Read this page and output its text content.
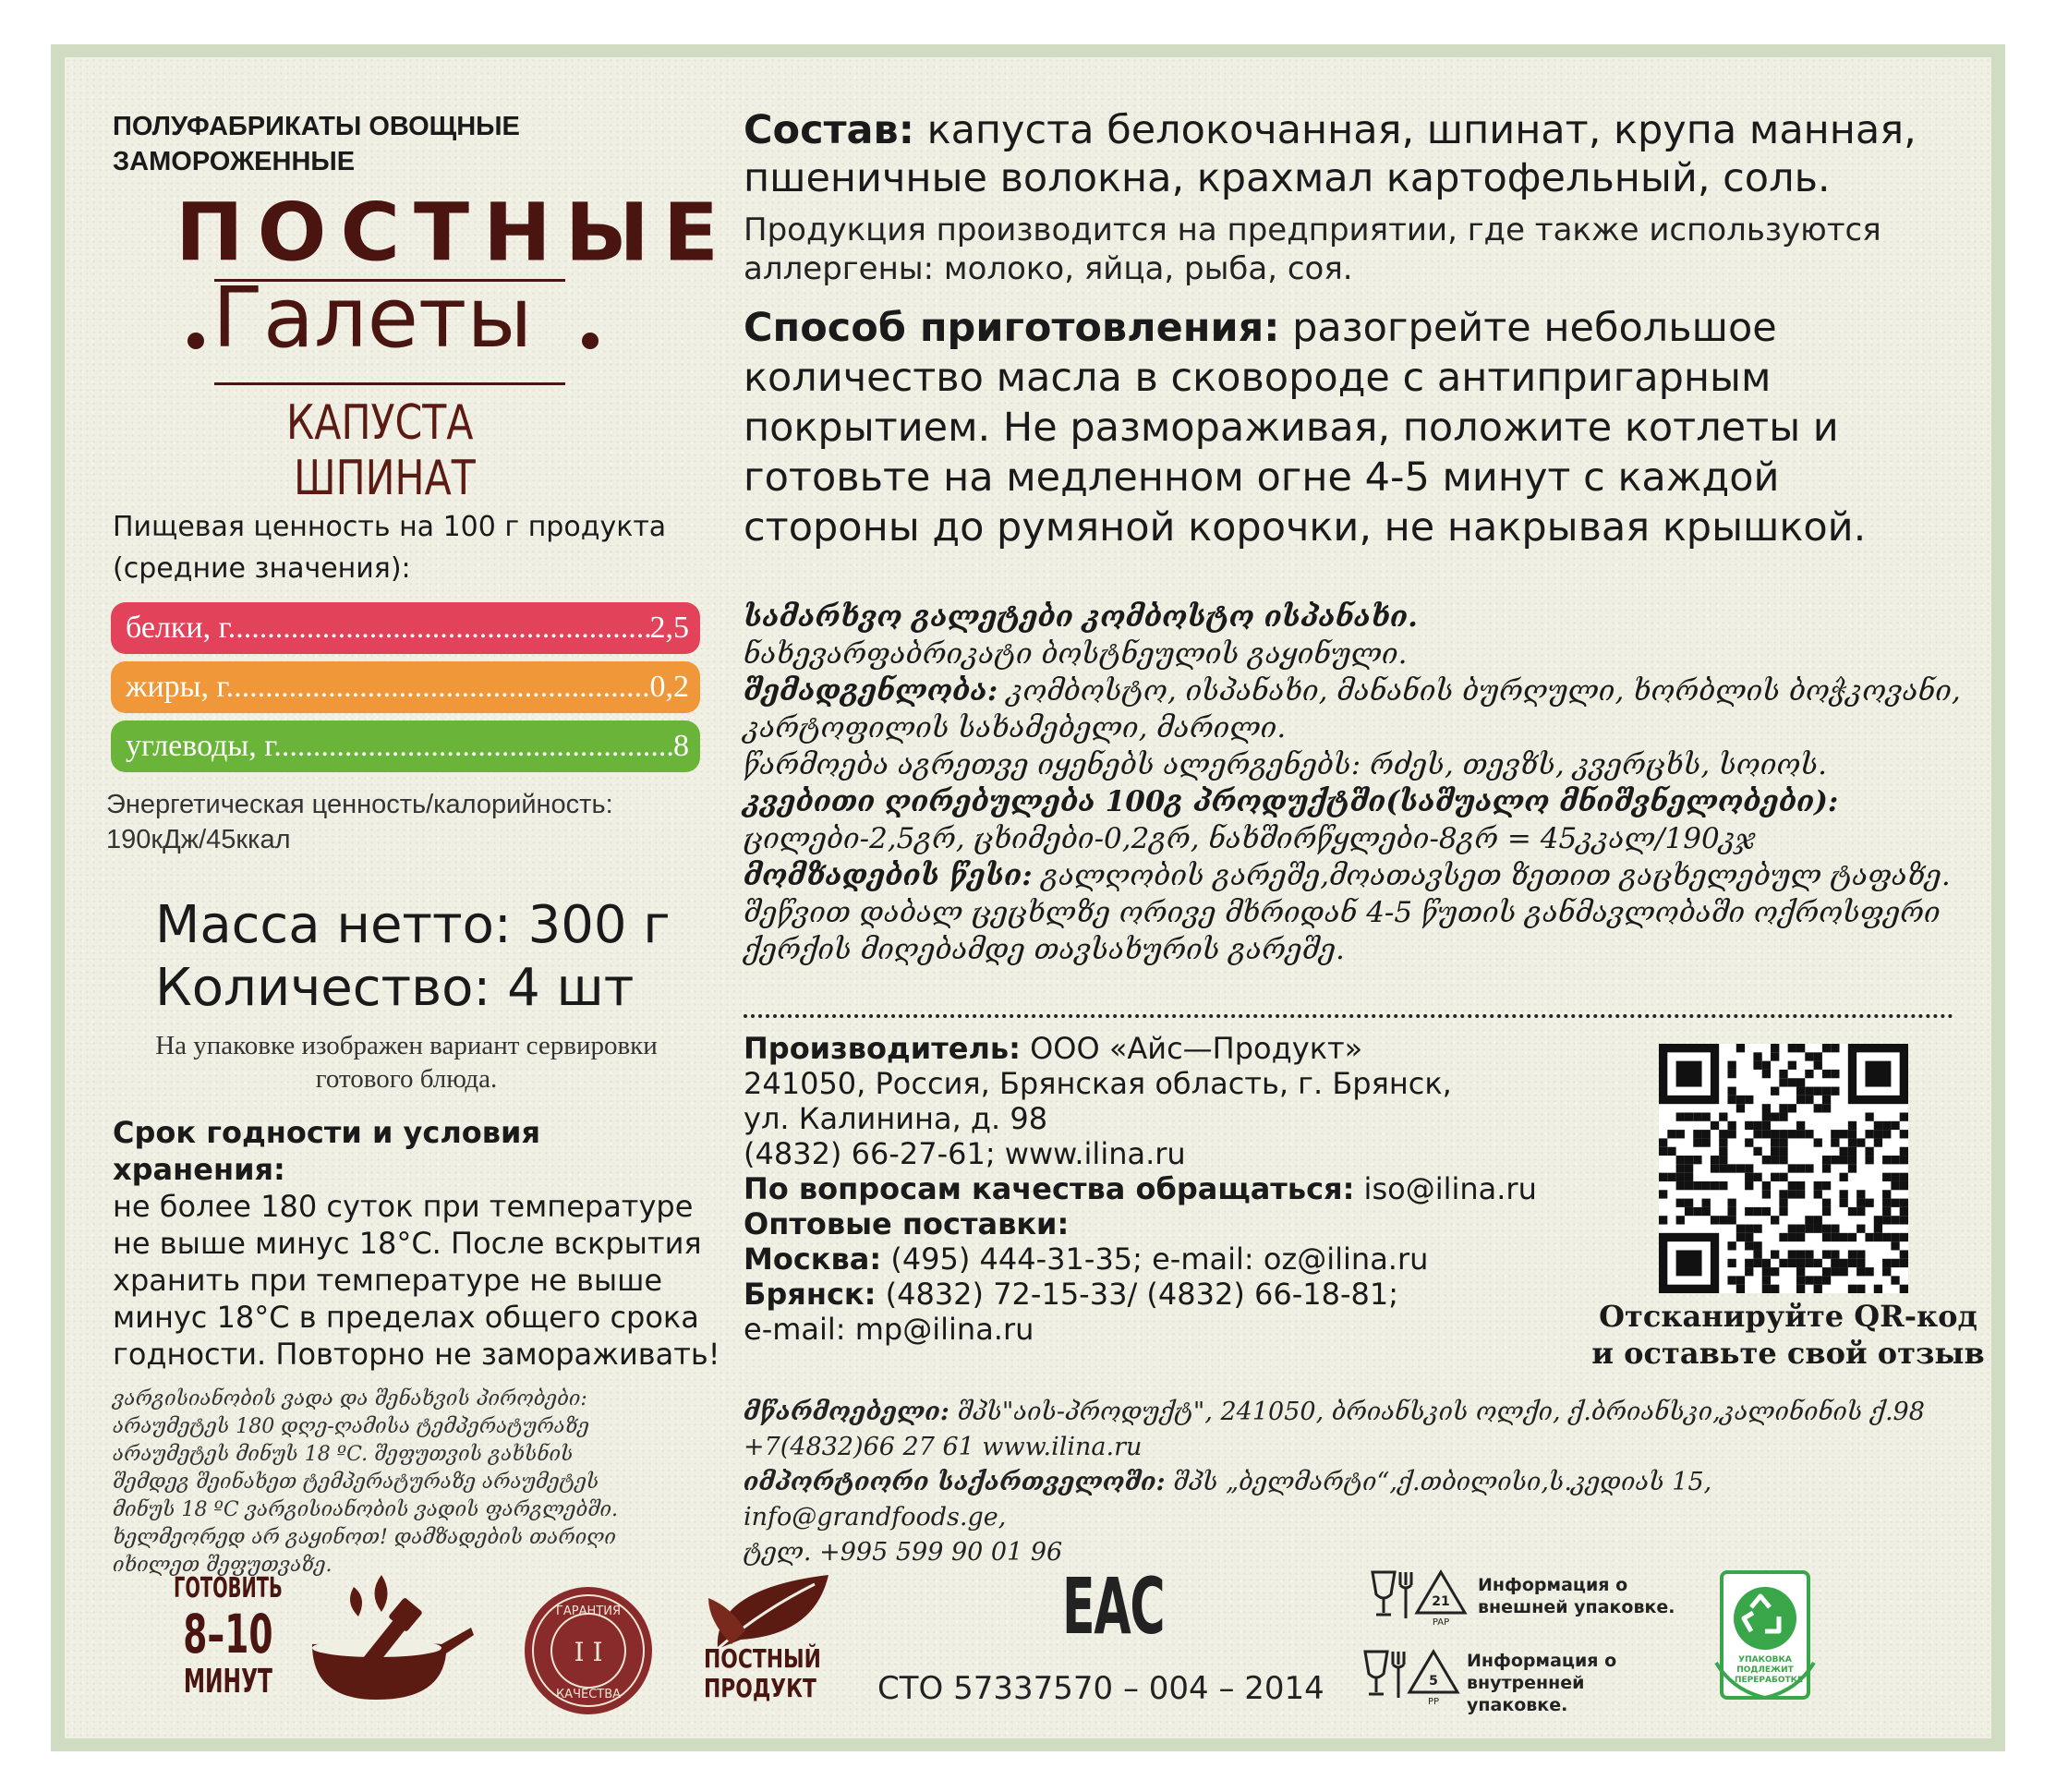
ПОЛУФАБРИКАТЫ ОВОЩНЫЕ ЗАМОРОЖЕННЫЕ
ПОСТНЫЕ
Галеты
КАПУСТА
ШПИНАТ
Пищевая ценность на 100 г продукта (средние значения):
белки, г. .....	2,5
жиры, г. .....	0,2
углеводы, г. .....	8
Энергетическая ценность/калорийность:
190кДж/45ккал
Масса нетто: 300 г
Количество: 4 шт
На упаковке изображен вариант сервировки готового блюда.
Срок годности и условия хранения:
не более 180 суток при температуре не выше минус 18°С. После вскрытия хранить при температуре не выше минус 18°С в пределах общего срока годности. Повторно не замораживать!
ვარგისიანობის ვადა და შენახვის პირობები: არაუმეტეს 180 დღე-ღამისა ტემპერატურაზე არაუმეტეს მინუს 18 ºC. შეფუთვის გახსნის შემდეგ შეინახეთ ტემპერატურაზე არაუმეტეს მინუს 18 ºC ვარგისიანობის ვადის ფარგლებში. ხელმეორედ არ გაყინოთ! დამზადების თარიღი იხილეთ შეფუთვაზე.
Состав: капуста белокочанная, шпинат, крупа манная, пшеничные волокна, крахмал картофельный, соль.
Продукция производится на предприятии, где также используются аллергены: молоко, яйца, рыба, соя.
Способ приготовления: разогрейте небольшое количество масла в сковороде с антипригарным покрытием. Не размораживая, положите котлеты и готовьте на медленном огне 4-5 минут с каждой стороны до румяной корочки, не накрывая крышкой.
სამარხვო გალეტები კომბოსტო ისპანახი.
ნახევარფაბრიკატი ბოსტნეულის გაყინული.
შემადგენლობა: კომბოსტო, ისპანახი, მანანის ბურღული, ხორბლის ბოჭკოვანი, კარტოფილის სახამებელი, მარილი.
წარმოება აგრეთვე იყენებს ალერგენებს: რძეს, თევზს, კვერცხს, სოიოს.
კვებითი ღირებულება 100გ პროდუქტში(საშუალო მნიშვნელობები):
ცილები-2,5გრ, ცხიმები-0,2გრ, ნახშირწყლები-8გრ = 45კკალ/190კჯ
მომზადების წესი: გალღობის გარეშე,მოათავსეთ ზეთით გაცხელებულ ტაფაზე. შეწვით დაბალ ცეცხლზე ორივე მხრიდან 4-5 წუთის განმავლობაში ოქროსფერი ქერქის მიღებამდე თავსახურის გარეშე.
Производитель: ООО «Айс—Продукт»
241050, Россия, Брянская область, г. Брянск,
ул. Калинина, д. 98
(4832) 66-27-61; www.ilina.ru
По вопросам качества обращаться: iso@ilina.ru
Оптовые поставки:
Москва: (495) 444-31-35; e-mail: oz@ilina.ru
Брянск: (4832) 72-15-33/ (4832) 66-18-81;
e-mail: mp@ilina.ru	Отсканируйте QR-код и оставьте свой отзыв
მწარმოებელი: შპს"აის-პროდუქტ", 241050, ბრიანსკის ოლქი, ქ.ბრიანსკი,კალინინის ქ.98
+7(4832)66 27 61 www.ilina.ru
იმპორტიორი საქართველოში: შპს „ბელმარტი“,ქ.თბილისი,ს.კედიას 15, info@grandfoods.ge,
ტელ. +995 599 90 01 96
ГОТОВИТЬ
8–10
МИНУТ
ГАРАНТИЯ
I I
КАЧЕСТВА
ПОСТНЫЙ
ПРОДУКТ
EAC
СТО 57337570 – 004 – 2014
21
PAP
Информация о внешней упаковке.
5
PP
Информация о внутренней упаковке.
УПАКОВКА ПОДЛЕЖИТ ПЕРЕРАБОТКЕ
